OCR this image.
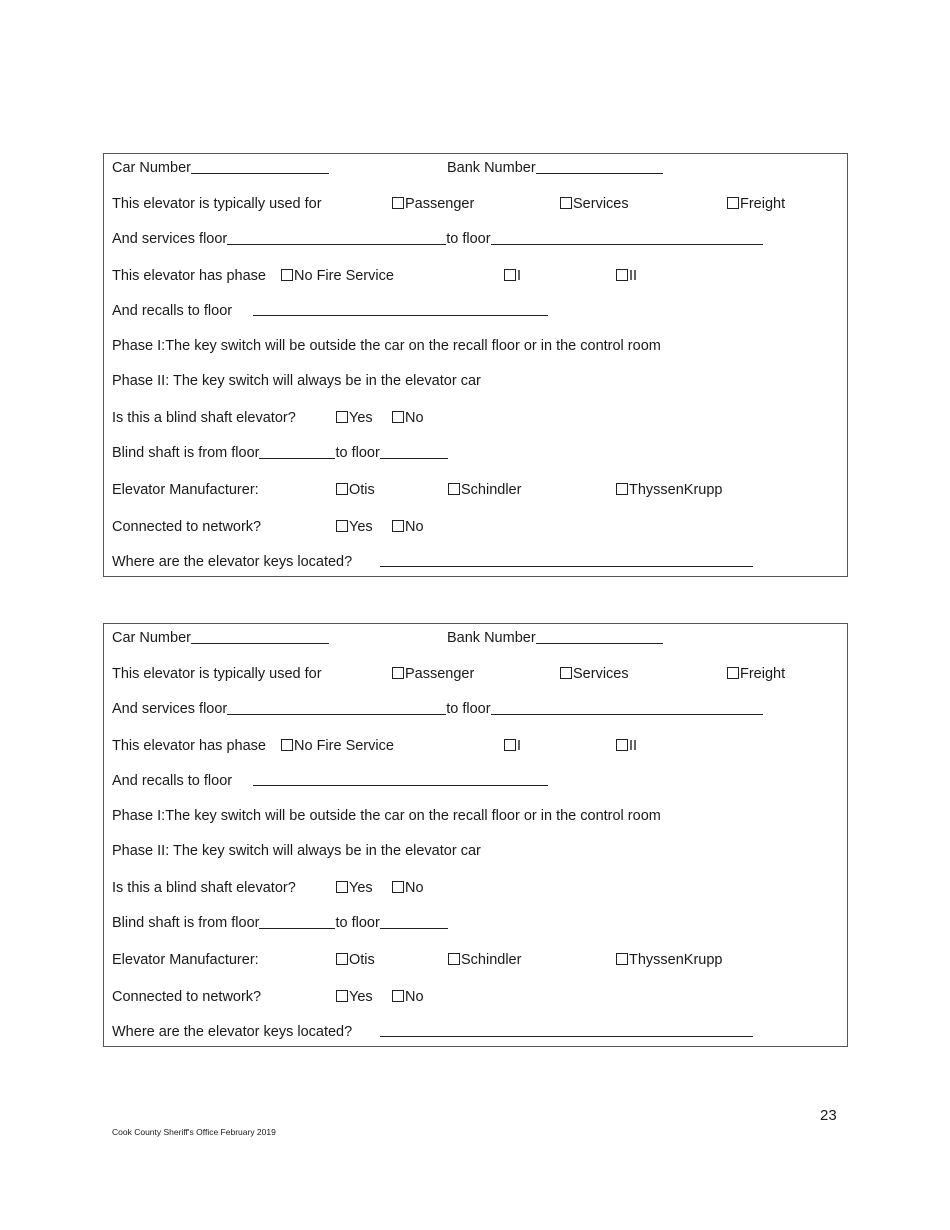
Car Number	Bank Number
This elevator is typically used for	Passenger	Services	Freight
And services floor	to floor
This elevator has phase	No Fire Service	I	II
And recalls to floor
Phase I:The key switch will be outside the car on the recall floor or in the control room
Phase II: The key switch will always be in the elevator car
Is this a blind shaft elevator?	Yes	No
Blind shaft is from floor	to floor
Elevator Manufacturer:	Otis	Schindler	ThyssenKrupp
Connected to network?	Yes	No
Where are the elevator keys located?
Car Number	Bank Number
This elevator is typically used for	Passenger	Services	Freight
And services floor	to floor
This elevator has phase	No Fire Service	I	II
And recalls to floor
Phase I:The key switch will be outside the car on the recall floor or in the control room
Phase II: The key switch will always be in the elevator car
Is this a blind shaft elevator?	Yes	No
Blind shaft is from floor	to floor
Elevator Manufacturer:	Otis	Schindler	ThyssenKrupp
Connected to network?	Yes	No
Where are the elevator keys located?
23
Cook County Sheriff's Office February 2019
